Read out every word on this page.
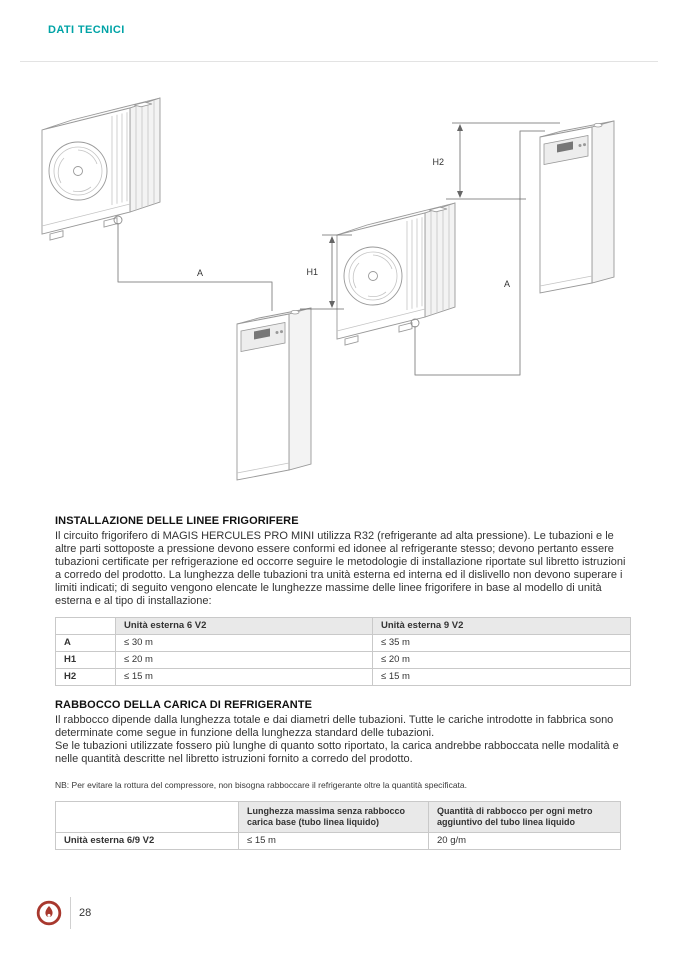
DATI TECNICI
H1
H2
A
A
INSTALLAZIONE DELLE LINEE FRIGORIFERE
Il circuito frigorifero di MAGIS HERCULES PRO MINI utilizza R32 (refrigerante ad alta pressione). Le tubazioni e le altre parti sottoposte a pressione devono essere conformi ed idonee al refrigerante stesso; devono pertanto essere tubazioni certificate per refrigerazione ed occorre seguire le metodologie di installazione riportate sul libretto istruzioni a corredo del prodotto. La lunghezza delle tubazioni tra unità esterna ed interna ed il dislivello non devono superare i limiti indicati; di seguito vengono elencate le lunghezze massime delle linee frigorifere in base al modello di unità esterna e al tipo di installazione:
	Unità esterna 6 V2	Unità esterna 9 V2
A	≤ 30 m	≤ 35 m
H1	≤ 20 m	≤ 20 m
H2	≤ 15 m	≤ 15 m
RABBOCCO DELLA CARICA DI REFRIGERANTE
Il rabbocco dipende dalla lunghezza totale e dai diametri delle tubazioni. Tutte le cariche introdotte in fabbrica sono determinate come segue in funzione della lunghezza standard delle tubazioni.
Se le tubazioni utilizzate fossero più lunghe di quanto sotto riportato, la carica andrebbe rabboccata nelle modalità e nelle quantità descritte nel libretto istruzioni fornito a corredo del prodotto.
NB: Per evitare la rottura del compressore, non bisogna rabboccare il refrigerante oltre la quantità specificata.
	Lunghezza massima senza rabbocco carica base (tubo linea liquido)	Quantità di rabbocco per ogni metro aggiuntivo del tubo linea liquido
Unità esterna 6/9 V2	≤ 15 m	20 g/m
28
